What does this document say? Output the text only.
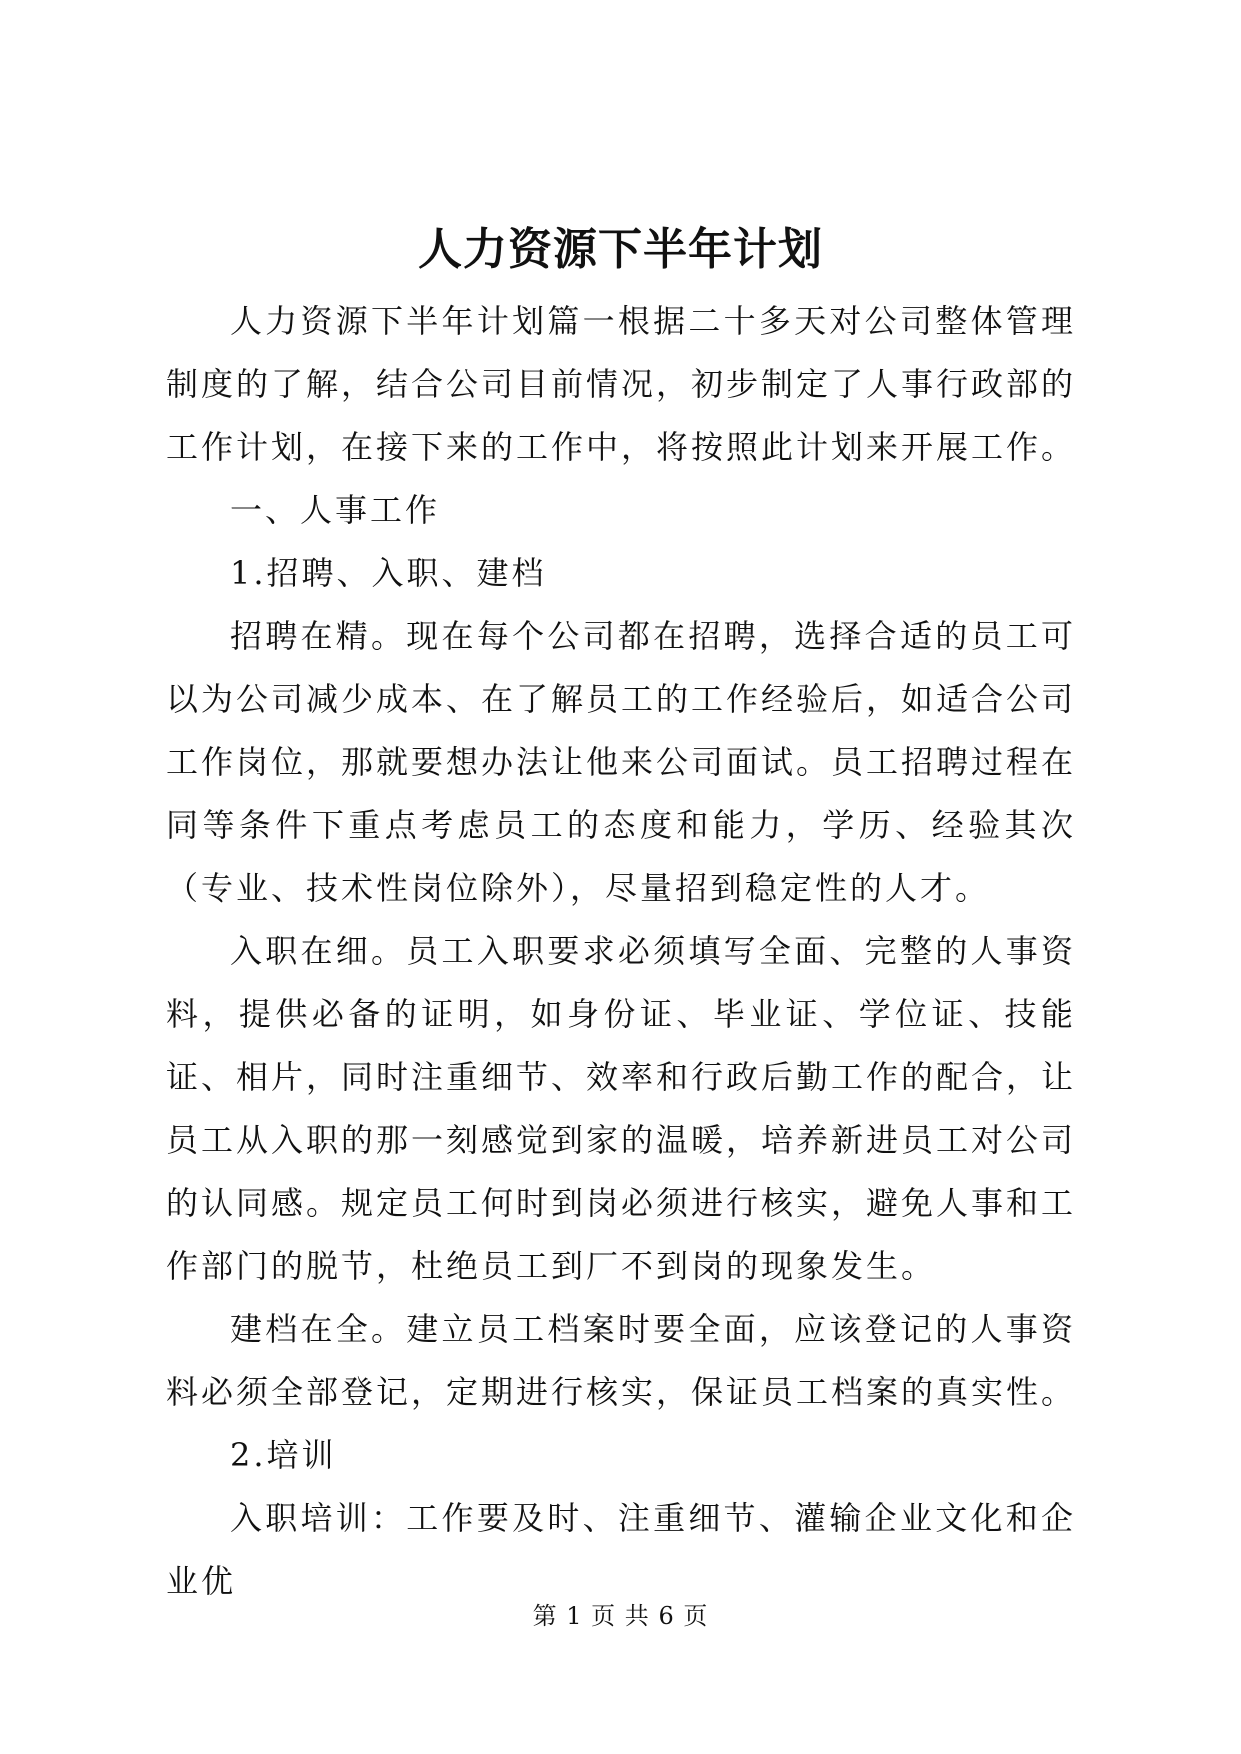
人力资源下半年计划

人力资源下半年计划篇一根据二十多天对公司整体管理制度的了解，结合公司目前情况，初步制定了人事行政部的工作计划，在接下来的工作中，将按照此计划来开展工作。

一、人事工作

1.招聘、入职、建档

招聘在精。现在每个公司都在招聘，选择合适的员工可以为公司减少成本、在了解员工的工作经验后，如适合公司工作岗位，那就要想办法让他来公司面试。员工招聘过程在同等条件下重点考虑员工的态度和能力，学历、经验其次（专业、技术性岗位除外），尽量招到稳定性的人才。

入职在细。员工入职要求必须填写全面、完整的人事资料，提供必备的证明，如身份证、毕业证、学位证、技能证、相片，同时注重细节、效率和行政后勤工作的配合，让员工从入职的那一刻感觉到家的温暖，培养新进员工对公司的认同感。规定员工何时到岗必须进行核实，避免人事和工作部门的脱节，杜绝员工到厂不到岗的现象发生。

建档在全。建立员工档案时要全面，应该登记的人事资料必须全部登记，定期进行核实，保证员工档案的真实性。

2.培训

入职培训：工作要及时、注重细节、灌输企业文化和企业优

第 1 页 共 6 页
